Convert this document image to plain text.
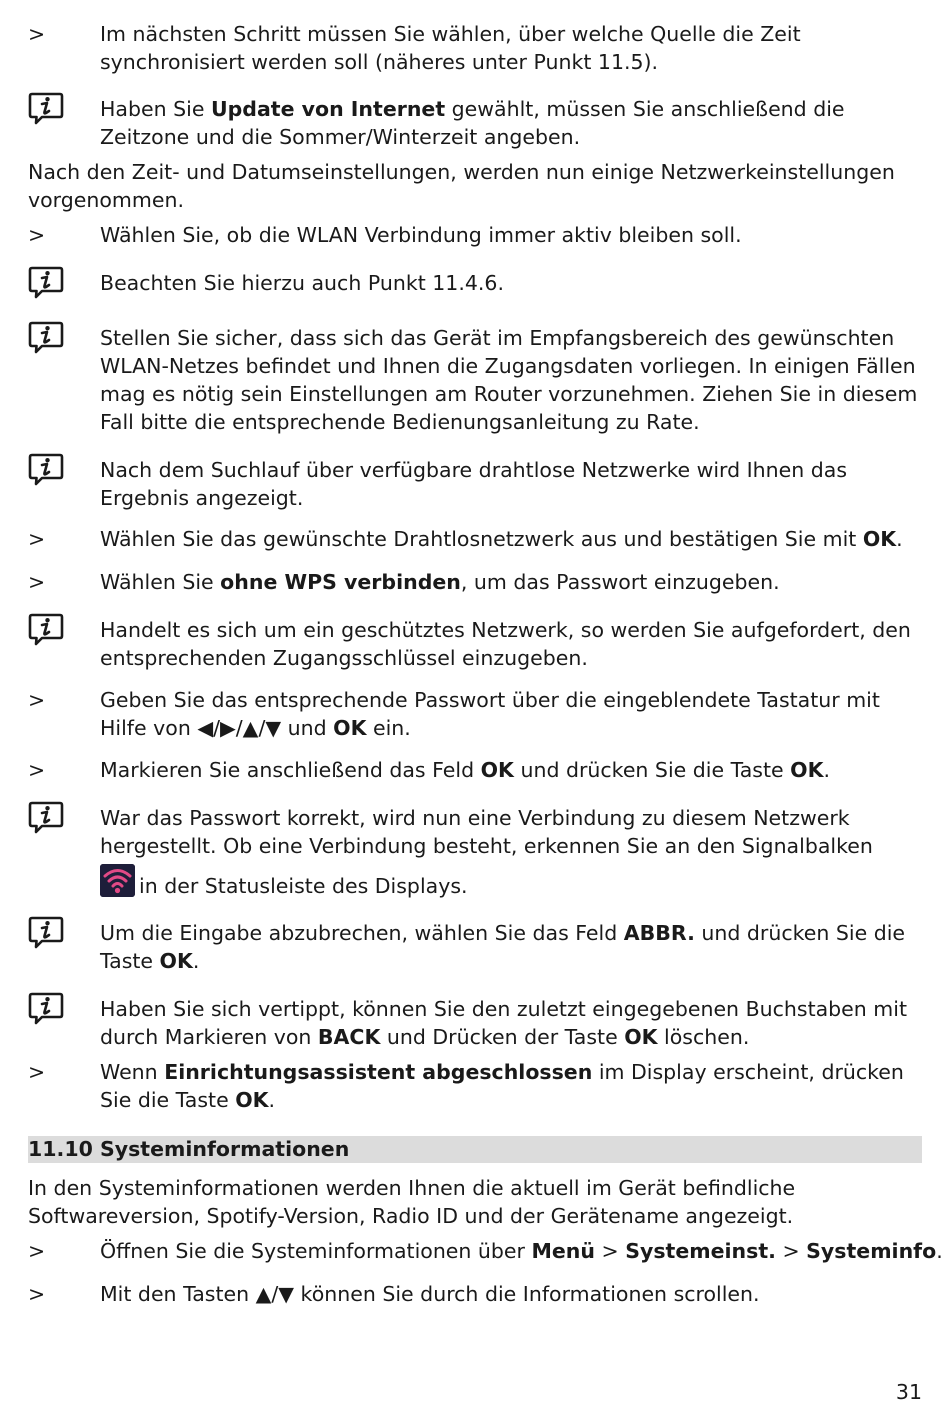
>	Im nächsten Schritt müssen Sie wählen, über welche Quelle die Zeit synchronisiert werden soll (näheres unter Punkt 11.5).
Haben Sie Update von Internet gewählt, müssen Sie anschließend die Zeitzone und die Sommer/Winterzeit angeben.
Nach den Zeit- und Datumseinstellungen, werden nun einige Netzwerkeinstellungen vorgenommen.
>	Wählen Sie, ob die WLAN Verbindung immer aktiv bleiben soll.
Beachten Sie hierzu auch Punkt 11.4.6.
Stellen Sie sicher, dass sich das Gerät im Empfangsbereich des gewünschten WLAN-Netzes befindet und Ihnen die Zugangsdaten vorliegen. In einigen Fällen mag es nötig sein Einstellungen am Router vorzunehmen. Ziehen Sie in diesem Fall bitte die entsprechende Bedienungsanleitung zu Rate.
Nach dem Suchlauf über verfügbare drahtlose Netzwerke wird Ihnen das Ergebnis angezeigt.
>	Wählen Sie das gewünschte Drahtlosnetzwerk aus und bestätigen Sie mit OK.
>	Wählen Sie ohne WPS verbinden, um das Passwort einzugeben.
Handelt es sich um ein geschütztes Netzwerk, so werden Sie aufgefordert, den entsprechenden Zugangsschlüssel einzugeben.
>	Geben Sie das entsprechende Passwort über die eingeblendete Tastatur mit Hilfe von ◀/▶/▲/▼ und OK ein.
>	Markieren Sie anschließend das Feld OK und drücken Sie die Taste OK.
War das Passwort korrekt, wird nun eine Verbindung zu diesem Netzwerk hergestellt. Ob eine Verbindung besteht, erkennen Sie an den Signalbalken
in der Statusleiste des Displays.
Um die Eingabe abzubrechen, wählen Sie das Feld ABBR. und drücken Sie die Taste OK.
Haben Sie sich vertippt, können Sie den zuletzt eingegebenen Buchstaben mit durch Markieren von BACK und Drücken der Taste OK löschen.
>	Wenn Einrichtungsassistent abgeschlossen im Display erscheint, drücken Sie die Taste OK.
11.10 Systeminformationen
In den Systeminformationen werden Ihnen die aktuell im Gerät befindliche Softwareversion, Spotify-Version, Radio ID und der Gerätename angezeigt.
>	Öffnen Sie die Systeminformationen über Menü > Systemeinst. > Systeminfo.
>	Mit den Tasten ▲/▼ können Sie durch die Informationen scrollen.
31
